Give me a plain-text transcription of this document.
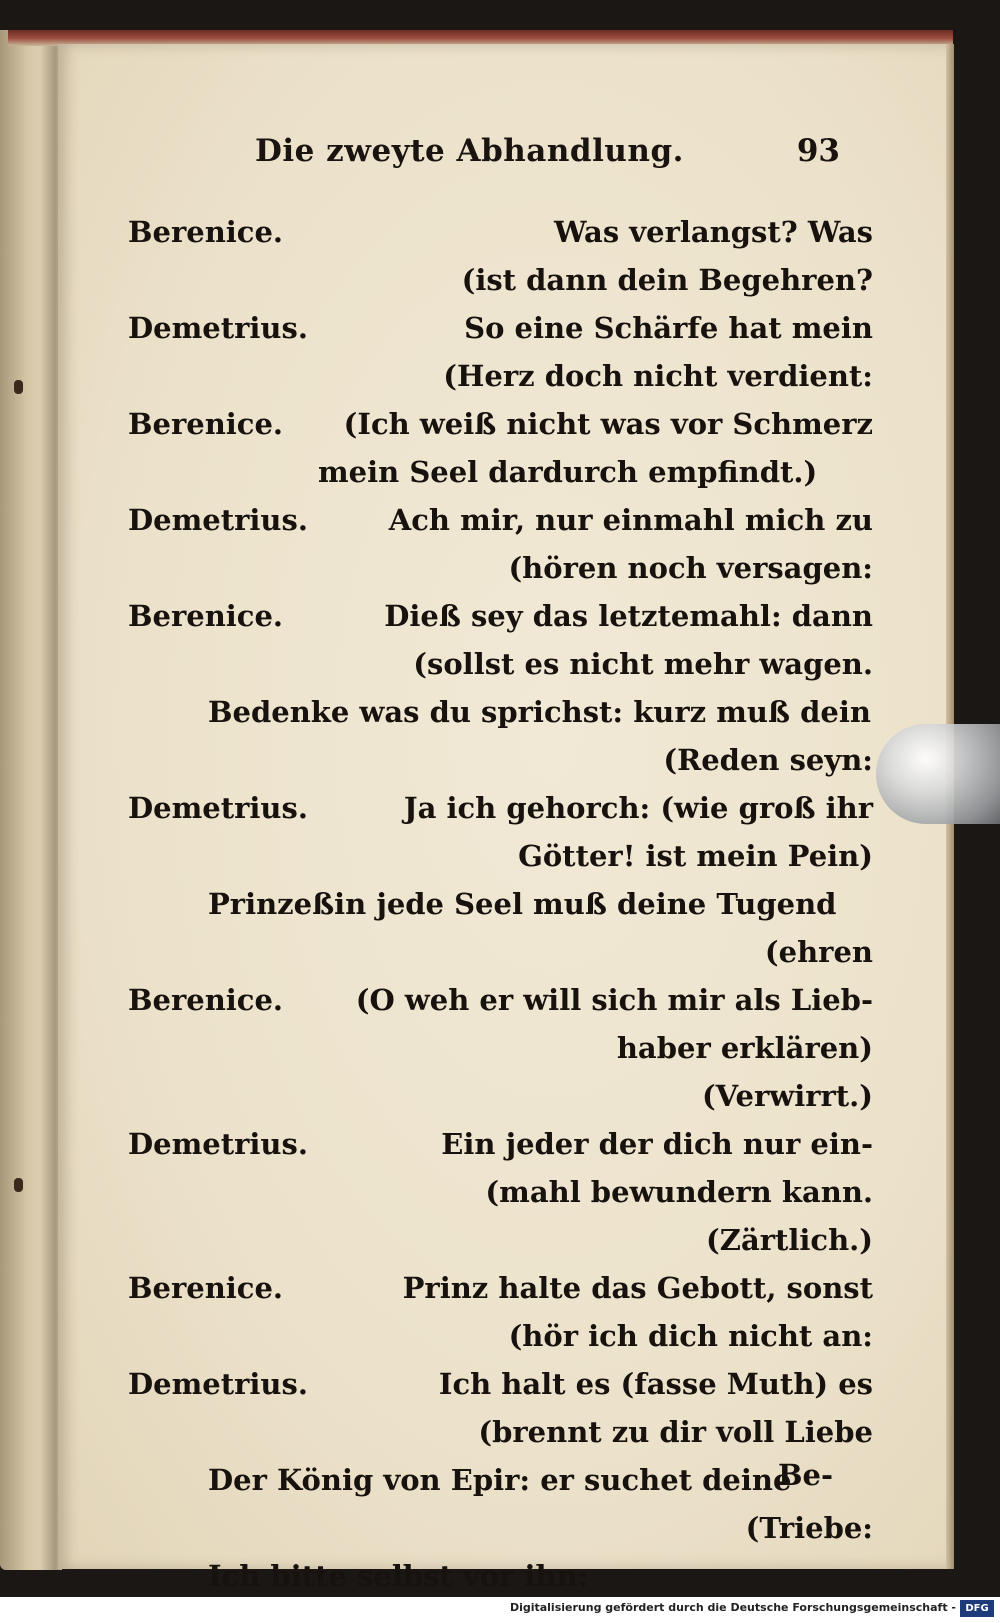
Die zweyte Abhandlung.	93
Berenice.	Was verlangst? Was
(ist dann dein Begehren?
Demetrius.	So eine Schärfe hat mein
(Herz doch nicht verdient:
Berenice. (Ich weiß nicht was vor Schmerz
mein Seel dardurch empfindt.)
Demetrius.	Ach mir, nur einmahl mich zu
(hören noch versagen:
Berenice.	Dieß sey das letztemahl: dann
(sollst es nicht mehr wagen.
Bedenke was du sprichst: kurz muß dein
(Reden seyn:
Demetrius.	Ja ich gehorch: (wie groß ihr
Götter! ist mein Pein)
Prinzeßin jede Seel muß deine Tugend
(ehren
Berenice.	(O weh er will sich mir als Lieb-
haber erklären)
(Verwirrt.)
Demetrius.	Ein jeder der dich nur ein-
(mahl bewundern kann.
(Zärtlich.)
Berenice.	Prinz halte das Gebott, sonst
(hör ich dich nicht an:
Demetrius.	Ich halt es (fasse Muth) es
(brennt zu dir voll Liebe
Der König von Epir: er suchet deine
(Triebe:
Ich bitte selbst vor ihn:
Be-
Digitalisierung gefördert durch die Deutsche Forschungsgemeinschaft - DFG
